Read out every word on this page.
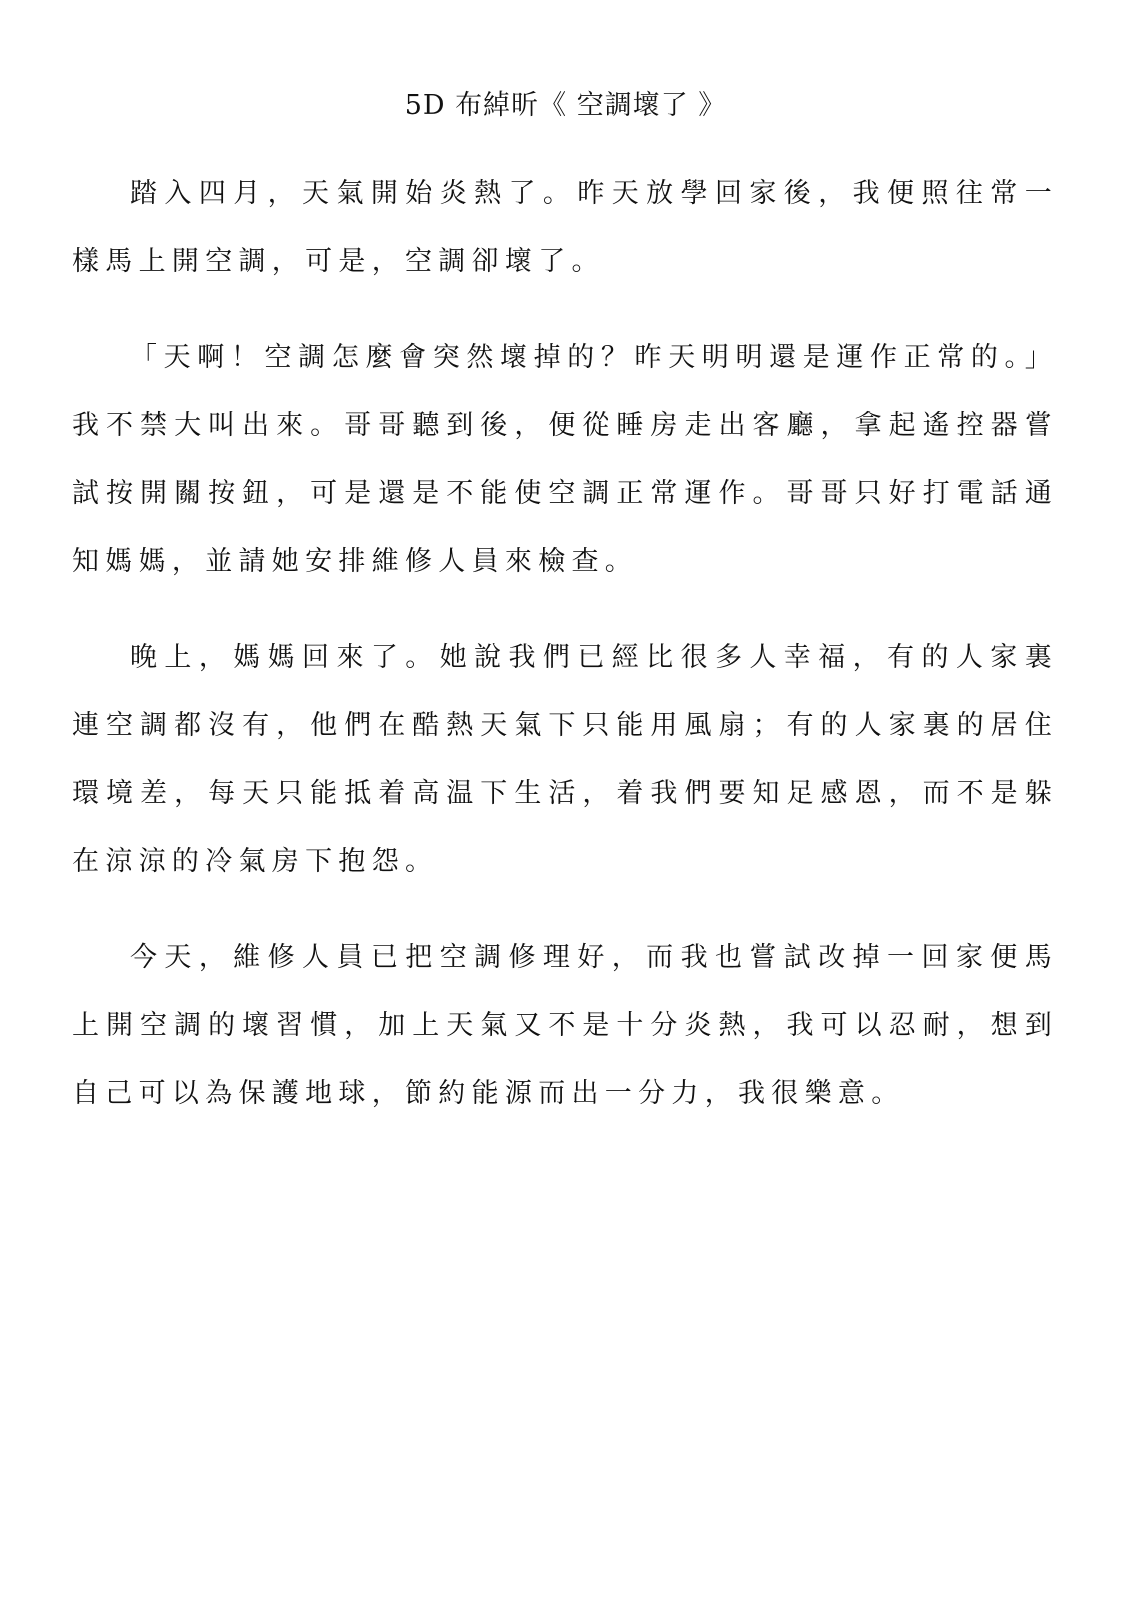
5D 布綽昕《 空調壞了 》

踏入四月，天氣開始炎熱了。昨天放學回家後，我便照往常一樣馬上開空調，可是，空調卻壞了。

「天啊！空調怎麼會突然壞掉的？昨天明明還是運作正常的。」我不禁大叫出來。哥哥聽到後，便從睡房走出客廳，拿起遙控器嘗試按開關按鈕，可是還是不能使空調正常運作。哥哥只好打電話通知媽媽，並請她安排維修人員來檢查。

晚上，媽媽回來了。她說我們已經比很多人幸福，有的人家裏連空調都沒有，他們在酷熱天氣下只能用風扇；有的人家裏的居住環境差，每天只能抵着高温下生活，着我們要知足感恩，而不是躲在涼涼的冷氣房下抱怨。

今天，維修人員已把空調修理好，而我也嘗試改掉一回家便馬上開空調的壞習慣，加上天氣又不是十分炎熱，我可以忍耐，想到自己可以為保護地球，節約能源而出一分力，我很樂意。
